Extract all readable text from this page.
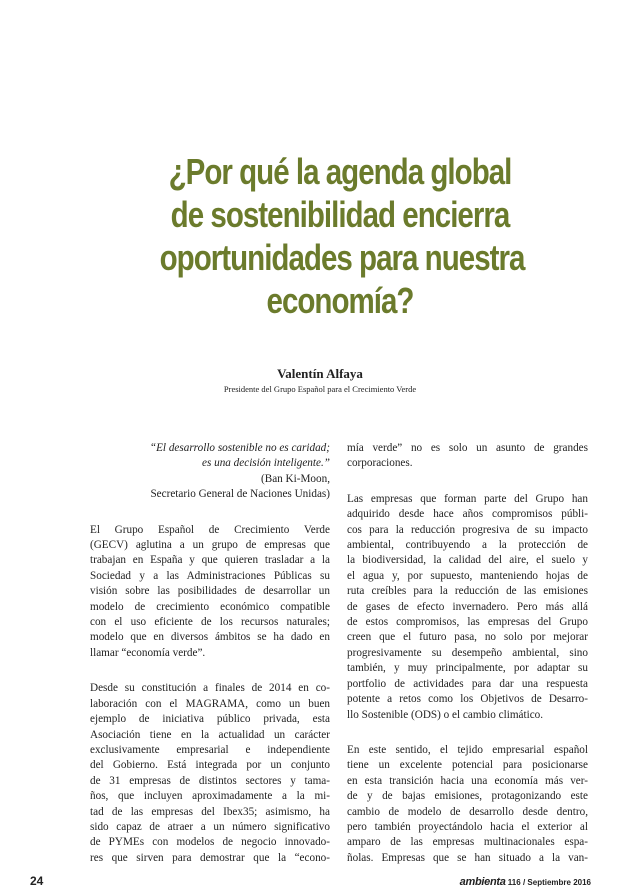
¿Por qué la agenda global
de sostenibilidad encierra
oportunidades para nuestra
economía?
Valentín Alfaya
Presidente del Grupo Español para el Crecimiento Verde

“El desarrollo sostenible no es caridad;

es una decisión inteligente.”

(Ban Ki-Moon,

Secretario General de Naciones Unidas)

El Grupo Español de Crecimiento Verde

(GECV) aglutina a un grupo de empresas que

trabajan en España y que quieren trasladar a la

Sociedad y a las Administraciones Públicas su

visión sobre las posibilidades de desarrollar un

modelo de crecimiento económico compatible

con el uso eficiente de los recursos naturales;

modelo que en diversos ámbitos se ha dado en

llamar “economía verde”.

Desde su constitución a finales de 2014 en co-

laboración con el MAGRAMA, como un buen

ejemplo de iniciativa público privada, esta

Asociación tiene en la actualidad un carácter

exclusivamente empresarial e independiente

del Gobierno. Está integrada por un conjunto

de 31 empresas de distintos sectores y tama-

ños, que incluyen aproximadamente a la mi-

tad de las empresas del Ibex35; asimismo, ha

sido capaz de atraer a un número significativo

de PYMEs con modelos de negocio innovado-

res que sirven para demostrar que la “econo-

mía verde” no es solo un asunto de grandes

corporaciones.

Las empresas que forman parte del Grupo han

adquirido desde hace años compromisos públi-

cos para la reducción progresiva de su impacto

ambiental, contribuyendo a la protección de

la biodiversidad, la calidad del aire, el suelo y

el agua y, por supuesto, manteniendo hojas de

ruta creíbles para la reducción de las emisiones

de gases de efecto invernadero. Pero más allá

de estos compromisos, las empresas del Grupo

creen que el futuro pasa, no solo por mejorar

progresivamente su desempeño ambiental, sino

también, y muy principalmente, por adaptar su

portfolio de actividades para dar una respuesta

potente a retos como los Objetivos de Desarro-

llo Sostenible (ODS) o el cambio climático.

En este sentido, el tejido empresarial español

tiene un excelente potencial para posicionarse

en esta transición hacia una economía más ver-

de y de bajas emisiones, protagonizando este

cambio de modelo de desarrollo desde dentro,

pero también proyectándolo hacia el exterior al

amparo de las empresas multinacionales espa-

ñolas. Empresas que se han situado a la van-

24	ambienta 116 / Septiembre 2016
